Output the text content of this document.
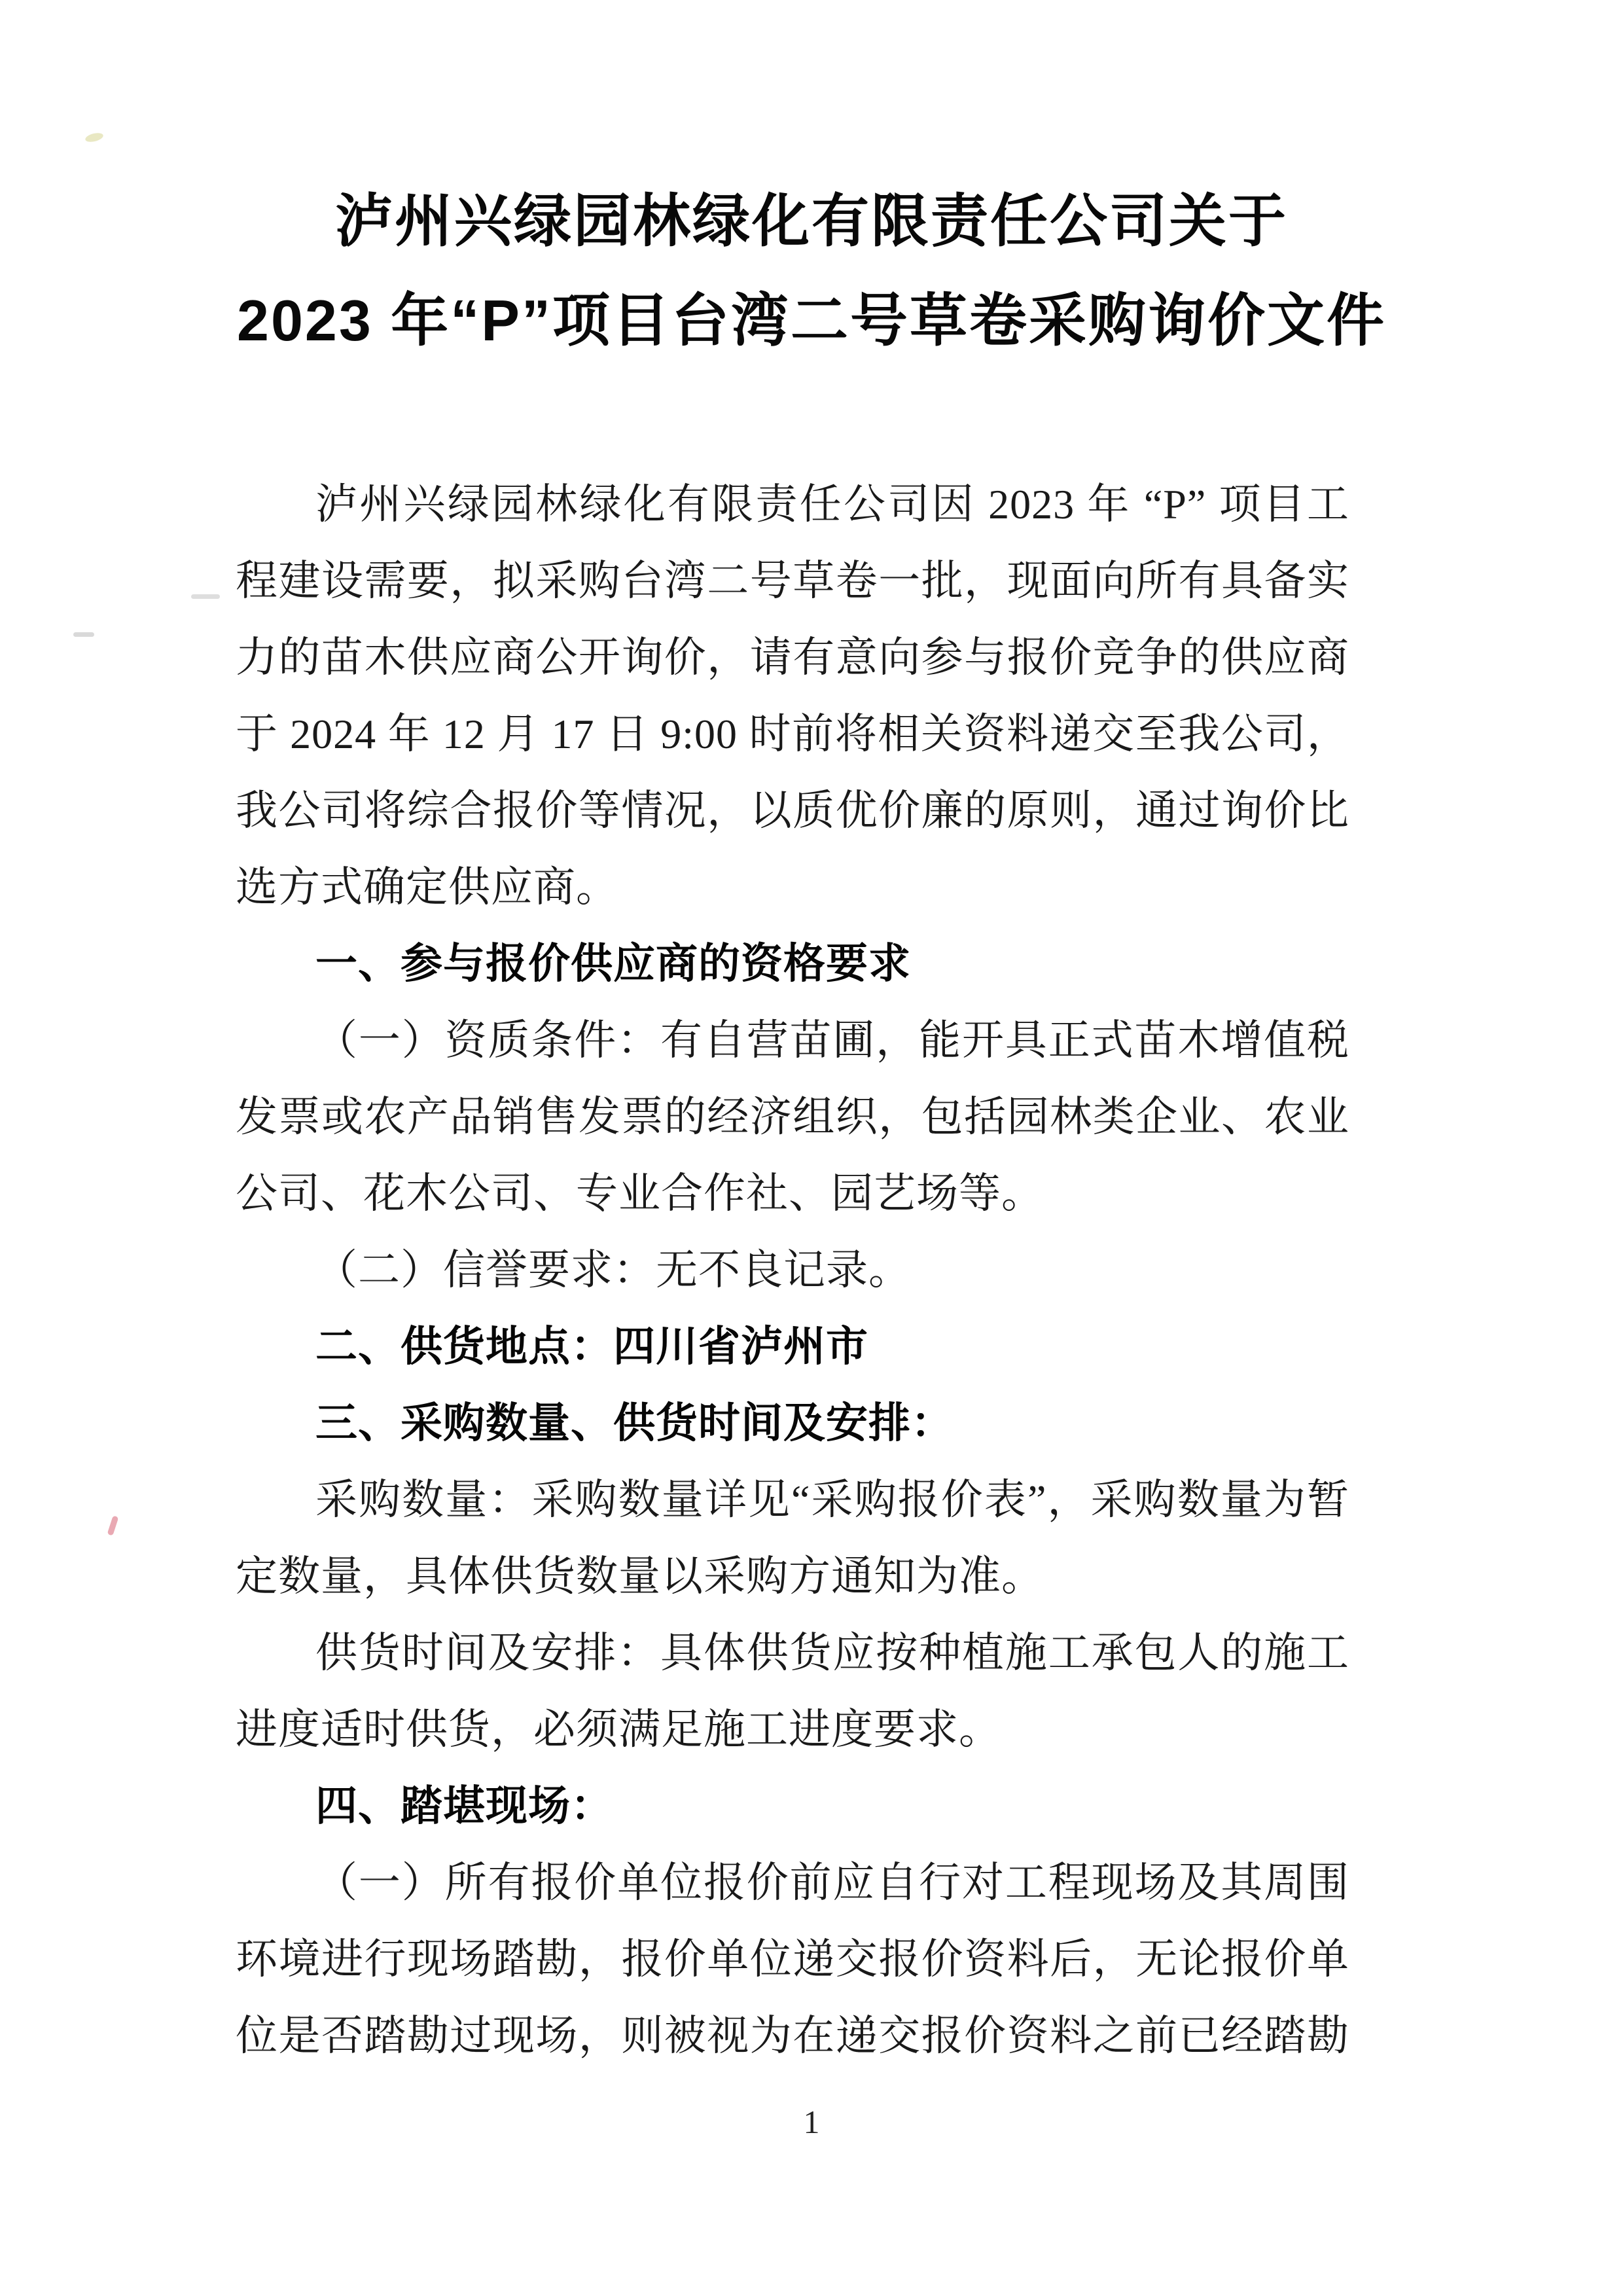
泸州兴绿园林绿化有限责任公司关于
2023 年“P”项目台湾二号草卷采购询价文件
泸州兴绿园林绿化有限责任公司因 2023 年 “P” 项目工
程建设需要，拟采购台湾二号草卷一批，现面向所有具备实
力的苗木供应商公开询价，请有意向参与报价竞争的供应商
于 2024 年 12 月 17 日 9:00 时前将相关资料递交至我公司，
我公司将综合报价等情况，以质优价廉的原则，通过询价比
选方式确定供应商。
一、参与报价供应商的资格要求
（一）资质条件：有自营苗圃，能开具正式苗木增值税
发票或农产品销售发票的经济组织，包括园林类企业、农业
公司、花木公司、专业合作社、园艺场等。
（二）信誉要求：无不良记录。
二、供货地点：四川省泸州市
三、采购数量、供货时间及安排：
采购数量：采购数量详见“采购报价表”，采购数量为暂
定数量，具体供货数量以采购方通知为准。
供货时间及安排：具体供货应按种植施工承包人的施工
进度适时供货，必须满足施工进度要求。
四、踏堪现场：
（一）所有报价单位报价前应自行对工程现场及其周围
环境进行现场踏勘，报价单位递交报价资料后，无论报价单
位是否踏勘过现场，则被视为在递交报价资料之前已经踏勘
1
